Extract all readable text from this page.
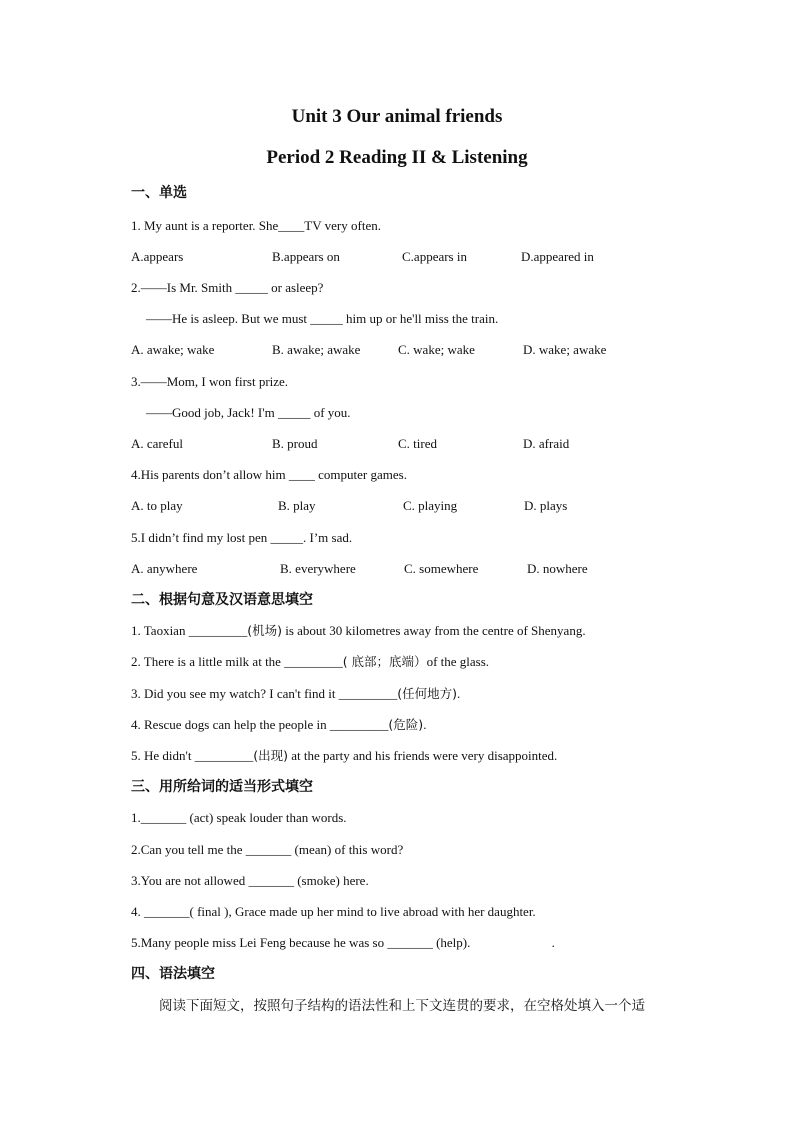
Unit 3 Our animal friends
Period 2 Reading II & Listening
一、单选
1. My aunt is a reporter. She____TV very often.
A.appears	B.appears on	C.appears in	D.appeared in
2.——Is Mr. Smith _____ or asleep?
——He is asleep. But we must _____ him up or he'll miss the train.
A. awake; wake	B. awake; awake	C. wake; wake	D. wake; awake
3.——Mom, I won first prize.
——Good job, Jack! I'm _____ of you.
A. careful	B. proud	C. tired	D. afraid
4.His parents don’t allow him ____ computer games.
A. to play	B. play	C. playing	D. plays
5.I didn’t find my lost pen _____. I’m sad.
A. anywhere	B. everywhere	C. somewhere	D. nowhere
二、根据句意及汉语意思填空
1. Taoxian _________(机场) is about 30 kilometres away from the centre of Shenyang.
2. There is a little milk at the _________( 底部；底端）of the glass.
3. Did you see my watch? I can't find it _________(任何地方).
4. Rescue dogs can help the people in _________(危险).
5. He didn't _________(出现) at the party and his friends were very disappointed.
三、用所给词的适当形式填空
1._______ (act) speak louder than words.
2.Can you tell me the _______ (mean) of this word?
3.You are not allowed _______ (smoke) here.
4. _______( final ), Grace made up her mind to live abroad with her daughter.
5.Many people miss Lei Feng because he was so _______ (help).                         .
四、语法填空
阅读下面短文，按照句子结构的语法性和上下文连贯的要求，在空格处填入一个适
